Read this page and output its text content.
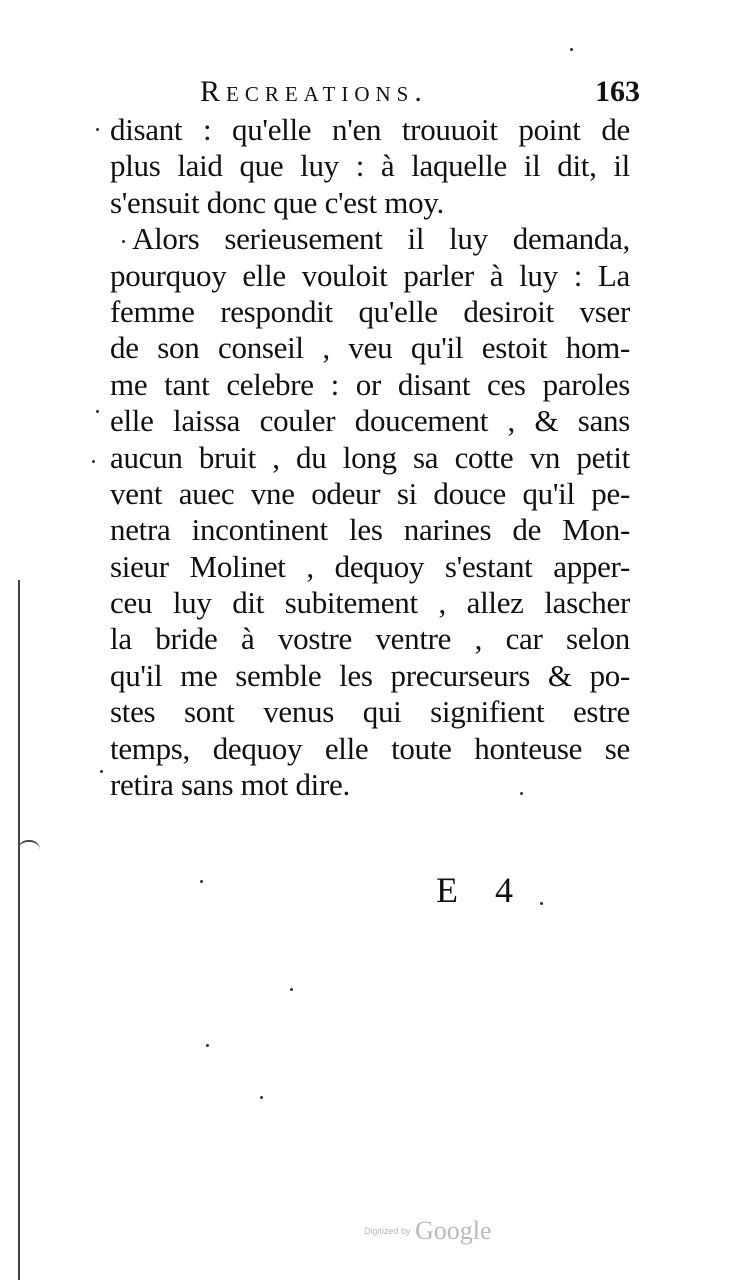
Recreations.	163
disant : qu'elle n'en trouuoit point de
plus laid que luy : à laquelle il dit, il
s'ensuit donc que c'est moy.
Alors serieusement il luy demanda,
pourquoy elle vouloit parler à luy : La
femme respondit qu'elle desiroit vser
de son conseil , veu qu'il estoit hom-
me tant celebre : or disant ces paroles
elle laissa couler doucement , & sans
aucun bruit , du long sa cotte vn petit
vent auec vne odeur si douce qu'il pe-
netra incontinent les narines de Mon-
sieur Molinet , dequoy s'estant apper-
ceu luy dit subitement , allez lascher
la bride à vostre ventre , car selon
qu'il me semble les precurseurs & po-
stes sont venus qui signifient estre
temps, dequoy elle toute honteuse se
retira sans mot dire.
E 4
Digitized by Google
